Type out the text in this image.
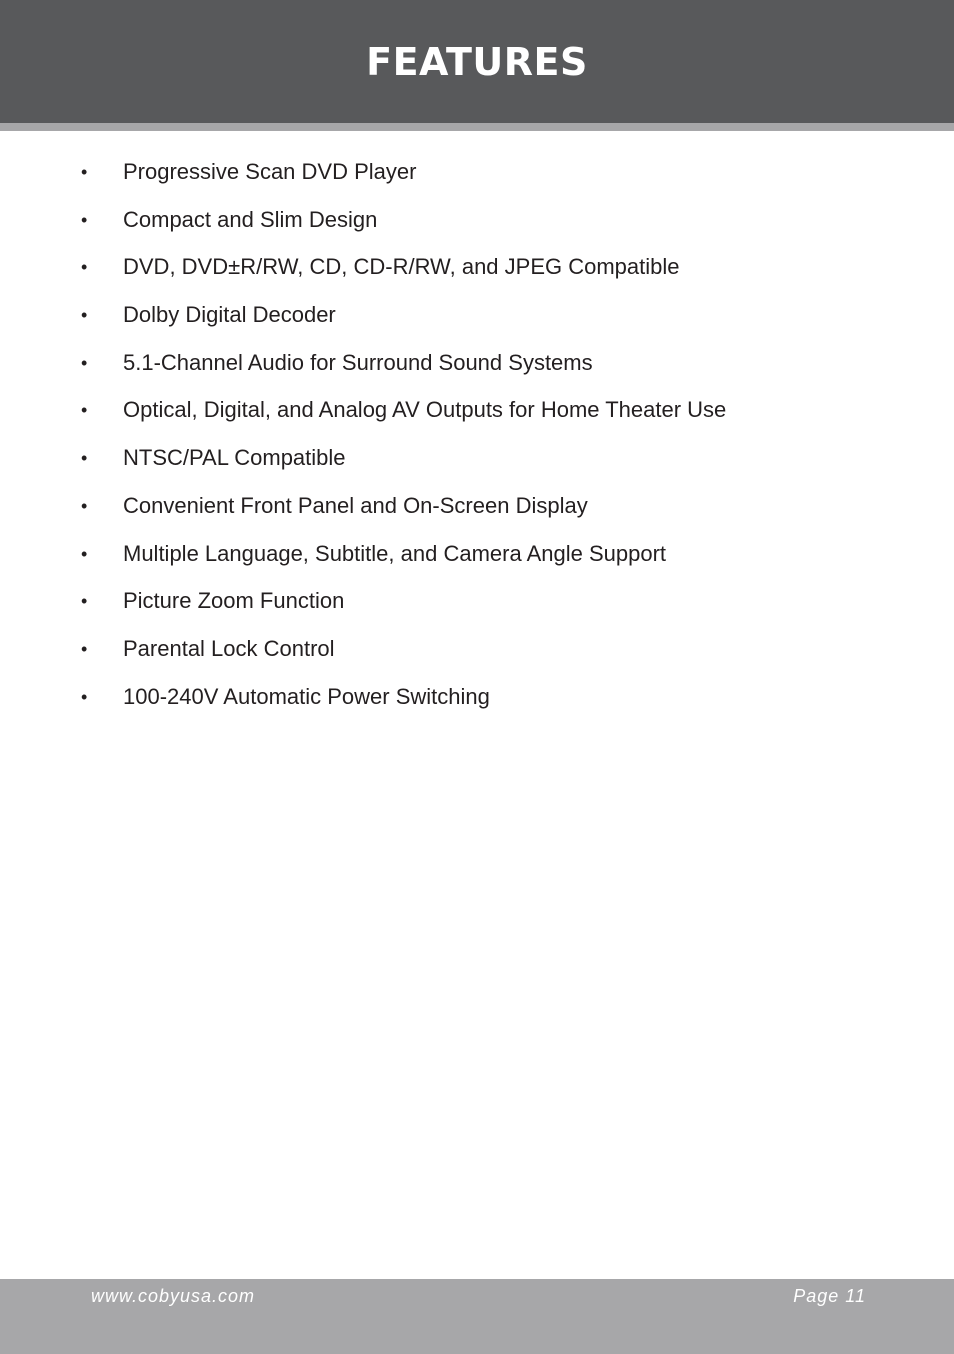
FEATURES
• Progressive Scan DVD Player
• Compact and Slim Design
• DVD, DVD±R/RW, CD, CD-R/RW, and JPEG Compatible
• Dolby Digital Decoder
• 5.1-Channel Audio for Surround Sound Systems
• Optical, Digital, and Analog AV Outputs for Home Theater Use
• NTSC/PAL Compatible
• Convenient Front Panel and On-Screen Display
• Multiple Language, Subtitle, and Camera Angle Support
• Picture Zoom Function
• Parental Lock Control
• 100-240V Automatic Power Switching
www.cobyusa.com	Page 11
